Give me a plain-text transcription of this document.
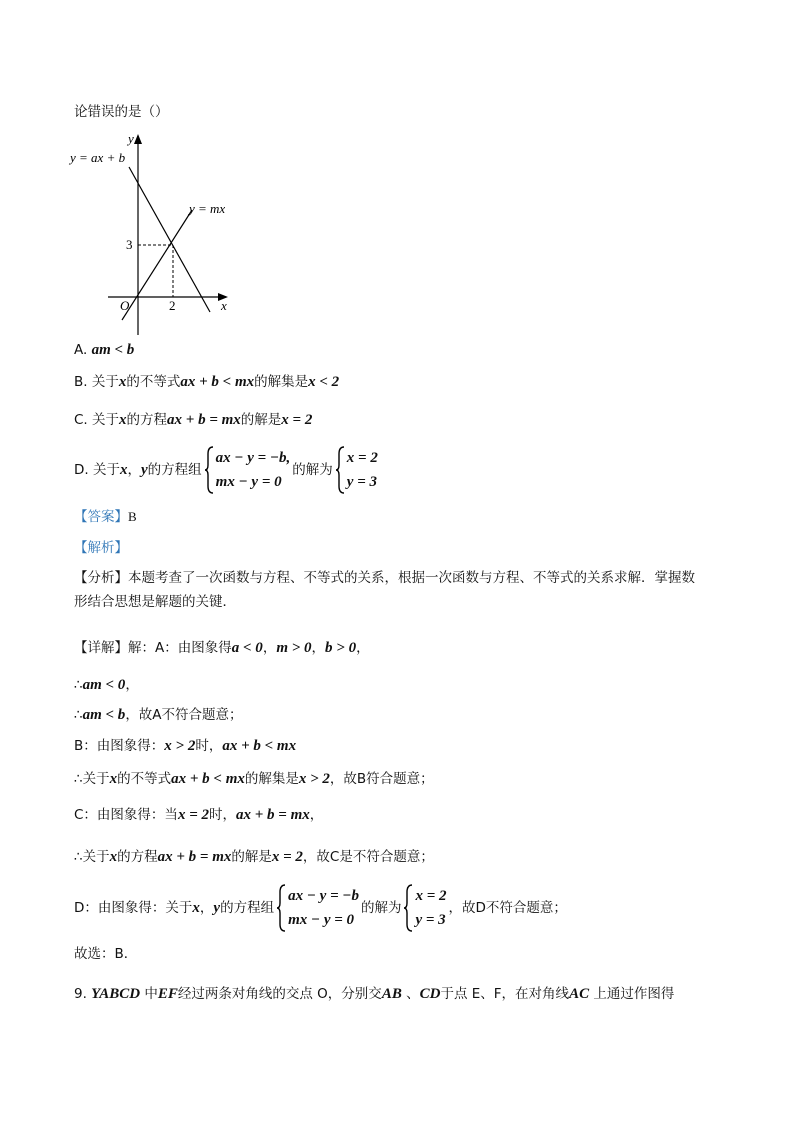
论错误的是（）
y = ax + b
y = mx
y
x
O	2
3
A. am < b
B. 关于x的不等式ax + b < mx的解集是x < 2
C. 关于x的方程ax + b = mx的解是x = 2
D. 关于x，y的方程组
ax − y = −b,
mx − y = 0
的解为
x = 2
y = 3
【答案】B
【解析】
【分析】本题考查了一次函数与方程、不等式的关系，根据一次函数与方程、不等式的关系求解．掌握数
形结合思想是解题的关键．
【详解】解：A：由图象得a < 0，m > 0，b > 0，
∴am < 0，
∴am < b，故A不符合题意；
B：由图象得：x > 2时，ax + b < mx
∴关于x的不等式ax + b < mx的解集是x > 2，故B符合题意；
C：由图象得：当x = 2时，ax + b = mx，
∴关于x的方程ax + b = mx的解是x = 2，故C是不符合题意；
D：由图象得：关于x，y的方程组
ax − y = −b
mx − y = 0
的解为
x = 2
y = 3
，故D不符合题意；
故选：B．
9. YABCD 中EF经过两条对角线的交点 O，分别交AB 、CD于点 E、F，在对角线AC 上通过作图得
